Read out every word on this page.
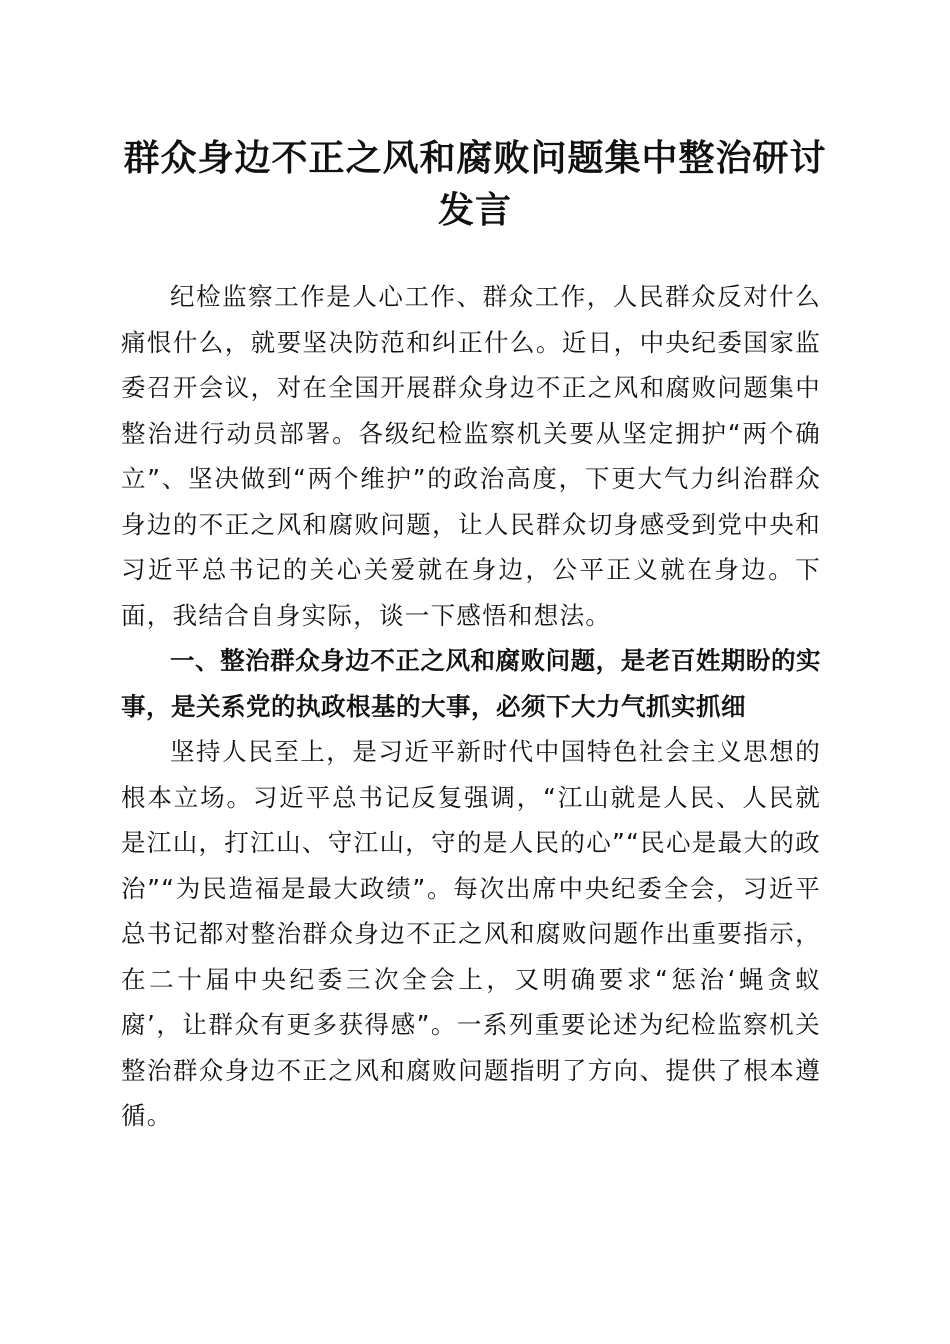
群众身边不正之风和腐败问题集中整治研讨发言

纪检监察工作是人心工作、群众工作，人民群众反对什么痛恨什么，就要坚决防范和纠正什么。近日，中央纪委国家监委召开会议，对在全国开展群众身边不正之风和腐败问题集中整治进行动员部署。各级纪检监察机关要从坚定拥护“两个确立”、坚决做到“两个维护”的政治高度，下更大气力纠治群众身边的不正之风和腐败问题，让人民群众切身感受到党中央和习近平总书记的关心关爱就在身边，公平正义就在身边。下面，我结合自身实际，谈一下感悟和想法。

一、整治群众身边不正之风和腐败问题，是老百姓期盼的实事，是关系党的执政根基的大事，必须下大力气抓实抓细

坚持人民至上，是习近平新时代中国特色社会主义思想的根本立场。习近平总书记反复强调，“江山就是人民、人民就是江山，打江山、守江山，守的是人民的心”“民心是最大的政治”“为民造福是最大政绩”。每次出席中央纪委全会，习近平总书记都对整治群众身边不正之风和腐败问题作出重要指示，在二十届中央纪委三次全会上，又明确要求“惩治‘蝇贪蚁腐’，让群众有更多获得感”。一系列重要论述为纪检监察机关整治群众身边不正之风和腐败问题指明了方向、提供了根本遵循。
